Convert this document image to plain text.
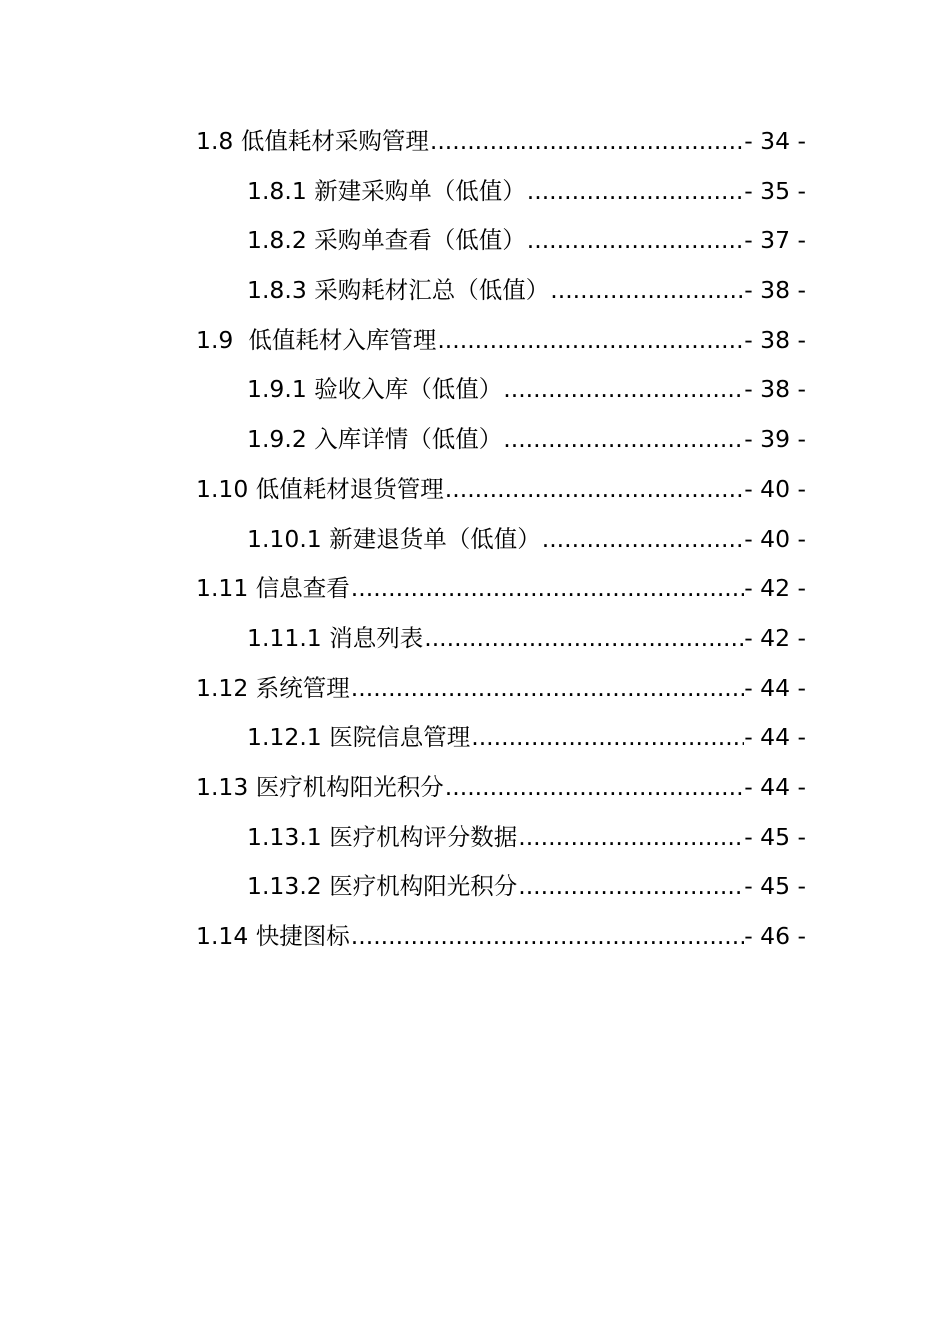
1.8 低值耗材采购管理 .....	- 34 -
1.8.1 新建采购单（低值） .....	- 35 -
1.8.2 采购单查看（低值） .....	- 37 -
1.8.3 采购耗材汇总（低值） .....	- 38 -
1.9  低值耗材入库管理 .....	- 38 -
1.9.1 验收入库（低值） .....	- 38 -
1.9.2 入库详情（低值） .....	- 39 -
1.10 低值耗材退货管理 .....	- 40 -
1.10.1 新建退货单（低值） .....	- 40 -
1.11 信息查看 .....	- 42 -
1.11.1 消息列表 .....	- 42 -
1.12 系统管理 .....	- 44 -
1.12.1 医院信息管理 .....	- 44 -
1.13 医疗机构阳光积分 .....	- 44 -
1.13.1 医疗机构评分数据 .....	- 45 -
1.13.2 医疗机构阳光积分 .....	- 45 -
1.14 快捷图标 .....	- 46 -
